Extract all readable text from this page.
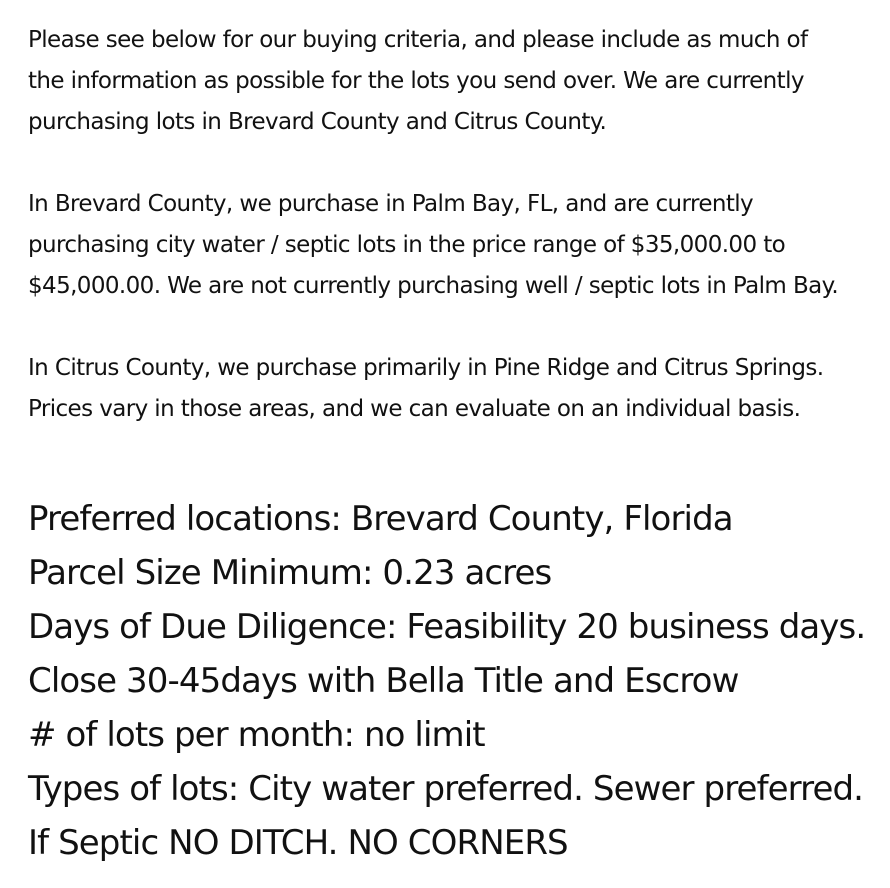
Please see below for our buying criteria, and please include as much of
the information as possible for the lots you send over. We are currently
purchasing lots in Brevard County and Citrus County.

In Brevard County, we purchase in Palm Bay, FL, and are currently
purchasing city water / septic lots in the price range of $35,000.00 to
$45,000.00. We are not currently purchasing well / septic lots in Palm Bay.

In Citrus County, we purchase primarily in Pine Ridge and Citrus Springs.
Prices vary in those areas, and we can evaluate on an individual basis.

Preferred locations: Brevard County, Florida

Parcel Size Minimum: 0.23 acres

Days of Due Diligence: Feasibility 20 business days.

Close 30-45days with Bella Title and Escrow

# of lots per month: no limit

Types of lots: City water preferred. Sewer preferred.

If Septic NO DITCH. NO CORNERS
